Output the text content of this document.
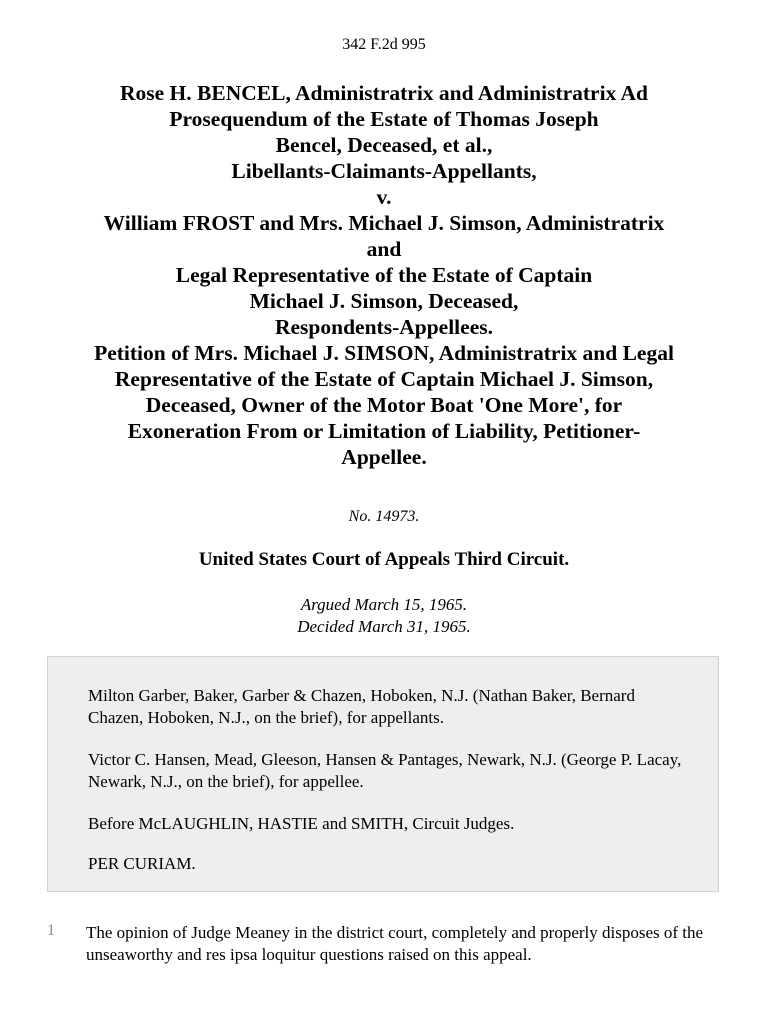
342 F.2d 995
Rose H. BENCEL, Administratrix and Administratrix Ad
Prosequendum of the Estate of Thomas Joseph
Bencel, Deceased, et al.,
Libellants-Claimants-Appellants,
v.
William FROST and Mrs. Michael J. Simson, Administratrix
and
Legal Representative of the Estate of Captain
Michael J. Simson, Deceased,
Respondents-Appellees.
Petition of Mrs. Michael J. SIMSON, Administratrix and Legal
Representative of the Estate of Captain Michael J. Simson,
Deceased, Owner of the Motor Boat 'One More', for
Exoneration From or Limitation of Liability, Petitioner-
Appellee.
No. 14973.
United States Court of Appeals Third Circuit.
Argued March 15, 1965.
Decided March 31, 1965.

Milton Garber, Baker, Garber & Chazen, Hoboken, N.J. (Nathan Baker, Bernard Chazen, Hoboken, N.J., on the brief), for appellants.

Victor C. Hansen, Mead, Gleeson, Hansen & Pantages, Newark, N.J. (George P. Lacay, Newark, N.J., on the brief), for appellee.

Before McLAUGHLIN, HASTIE and SMITH, Circuit Judges.

PER CURIAM.

1 The opinion of Judge Meaney in the district court, completely and properly disposes of the unseaworthy and res ipsa loquitur questions raised on this appeal.
